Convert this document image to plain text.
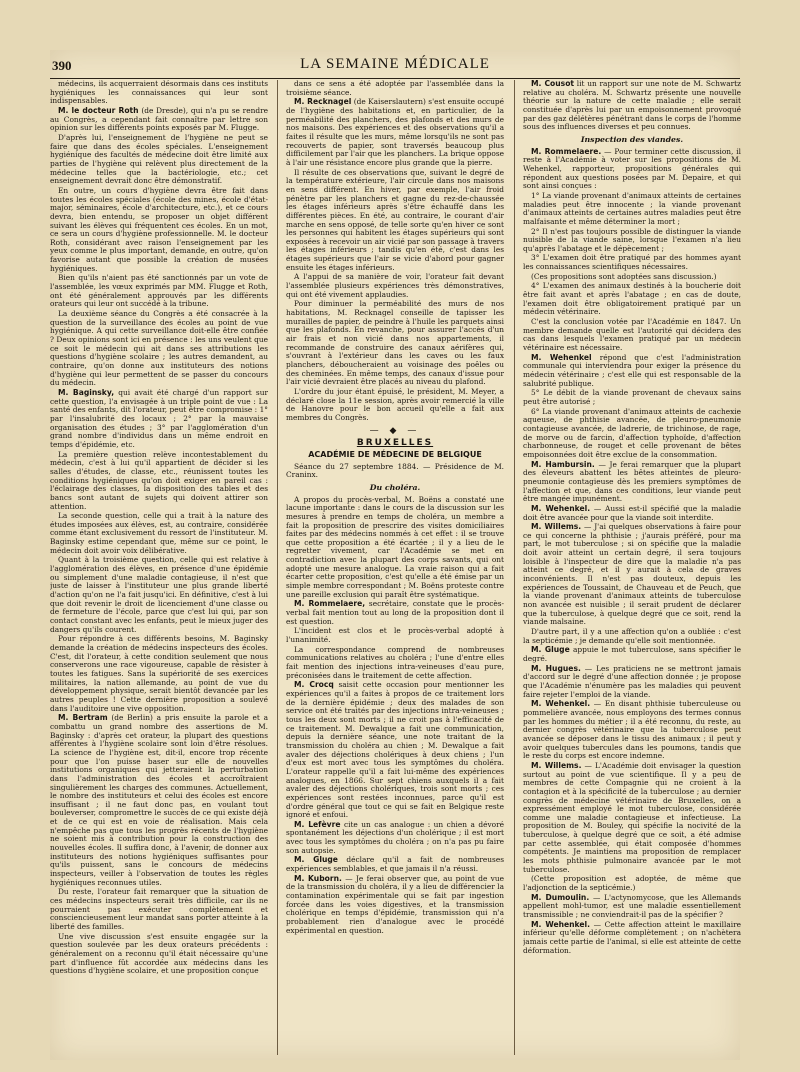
390	LA SEMAINE MÉDICALE

médecins, ils acquerraient désormais dans ces instituts hygiéniques les connaissances qui leur sont indispensables.

M. le docteur Roth (de Dresde), qui n'a pu se rendre au Congrès, a cependant fait connaître par lettre son opinion sur les différents points exposés par M. Flugge.

D'après lui, l'enseignement de l'hygiène ne peut se faire que dans des écoles spéciales. L'enseignement hygiénique des facultés de médecine doit être limité aux parties de l'hygiène qui relèvent plus directement de la médecine telles que la bactériologie, etc.; cet enseignement devrait donc être démonstratif.

En outre, un cours d'hygiène devra être fait dans toutes les écoles spéciales (école des mines, école d'état-major, séminaires, école d'architecture, etc.), et ce cours devra, bien entendu, se proposer un objet différent suivant les élèves qui fréquentent ces écoles. En un mot, ce sera un cours d'hygiène professionnelle. M. le docteur Roth, considérant avec raison l'enseignement par les yeux comme le plus important, demande, en outre, qu'on favorise autant que possible la création de musées hygiéniques.

Bien qu'ils n'aient pas été sanctionnés par un vote de l'assemblée, les vœux exprimés par MM. Flugge et Roth, ont été généralement approuvés par les différents orateurs qui leur ont succédé à la tribune.

La deuxième séance du Congrès a été consacrée à la question de la surveillance des écoles au point de vue hygiénique. A qui cette surveillance doit-elle être confiée ? Deux opinions sont ici en présence : les uns veulent que ce soit le médecin qui ait dans ses attributions les questions d'hygiène scolaire ; les autres demandent, au contraire, qu'on donne aux instituteurs des notions d'hygiène qui leur permettent de se passer du concours du médecin.

M. Baginsky, qui avait été chargé d'un rapport sur cette question, l'a envisagée à un triple point de vue : La santé des enfants, dit l'orateur, peut être compromise : 1° par l'insalubrité des locaux ; 2° par la mauvaise organisation des études ; 3° par l'agglomération d'un grand nombre d'individus dans un même endroit en temps d'épidémie, etc.

La première question relève incontestablement du médecin, c'est à lui qu'il appartient de décider si les salles d'études, de classe, etc., réunissent toutes les conditions hygiéniques qu'on doit exiger en pareil cas : l'éclairage des classes, la disposition des tables et des bancs sont autant de sujets qui doivent attirer son attention.

La seconde question, celle qui a trait à la nature des études imposées aux élèves, est, au contraire, considérée comme étant exclusivement du ressort de l'instituteur. M. Baginsky estime cependant que, même sur ce point, le médecin doit avoir voix délibérative.

Quant à la troisième question, celle qui est relative à l'agglomération des élèves, en présence d'une épidémie ou simplement d'une maladie contagieuse, il n'est que juste de laisser à l'instituteur une plus grande liberté d'action qu'on ne l'a fait jusqu'ici. En définitive, c'est à lui que doit revenir le droit de licenciement d'une classe ou de fermeture de l'école, parce que c'est lui qui, par son contact constant avec les enfants, peut le mieux juger des dangers qu'ils courent.

Pour répondre à ces différents besoins, M. Baginsky demande la création de médecins inspecteurs des écoles. C'est, dit l'orateur, à cette condition seulement que nous conserverons une race vigoureuse, capable de résister à toutes les fatigues. Sans la supériorité de ses exercices militaires, la nation allemande, au point de vue du développement physique, serait bientôt devancée par les autres peuples ! Cette dernière proposition a soulevé dans l'auditoire une vive opposition.

M. Bertram (de Berlin) a pris ensuite la parole et a combattu un grand nombre des assertions de M. Baginsky : d'après cet orateur, la plupart des questions afférentes à l'hygiène scolaire sont loin d'être résolues. La science de l'hygiène est, dit-il, encore trop récente pour que l'on puisse baser sur elle de nouvelles institutions organiques qui jetteraient la perturbation dans l'administration des écoles et accroîtraient singulièrement les charges des communes. Actuellement, le nombre des instituteurs et celui des écoles est encore insuffisant ; il ne faut donc pas, en voulant tout bouleverser, compromettre le succès de ce qui existe déjà et de ce qui est en voie de réalisation. Mais cela n'empêche pas que tous les progrès récents de l'hygiène ne soient mis à contribution pour la construction des nouvelles écoles. Il suffira donc, à l'avenir, de donner aux instituteurs des notions hygiéniques suffisantes pour qu'ils puissent, sans le concours de médecins inspecteurs, veiller à l'observation de toutes les règles hygiéniques reconnues utiles.

Du reste, l'orateur fait remarquer que la situation de ces médecins inspecteurs serait très difficile, car ils ne pourraient pas exécuter complètement et consciencieusement leur mandat sans porter atteinte à la liberté des familles.

Une vive discussion s'est ensuite engagée sur la question soulevée par les deux orateurs précédents : généralement on a reconnu qu'il était nécessaire qu'une part d'influence fût accordée aux médecins dans les questions d'hygiène scolaire, et une proposition conçue

dans ce sens a été adoptée par l'assemblée dans la troisième séance.

M. Recknagel (de Kaiserslautern) s'est ensuite occupé de l'hygiène des habitations et, en particulier, de la perméabilité des planchers, des plafonds et des murs de nos maisons. Des expériences et des observations qu'il a faites il résulte que les murs, même lorsqu'ils ne sont pas recouverts de papier, sont traversés beaucoup plus difficilement par l'air que les planchers. La brique oppose à l'air une résistance encore plus grande que la pierre.

Il résulte de ces observations que, suivant le degré de la température extérieure, l'air circule dans nos maisons en sens différent. En hiver, par exemple, l'air froid pénètre par les planchers et gagne du rez-de-chaussée les étages inférieurs après s'être échauffé dans les différentes pièces. En été, au contraire, le courant d'air marche en sens opposé, de telle sorte qu'en hiver ce sont les personnes qui habitent les étages supérieurs qui sont exposées à recevoir un air vicié par son passage à travers les étages inférieurs ; tandis qu'en été, c'est dans les étages supérieurs que l'air se vicie d'abord pour gagner ensuite les étages inférieurs.

A l'appui de sa manière de voir, l'orateur fait devant l'assemblée plusieurs expériences très démonstratives, qui ont été vivement applaudies.

Pour diminuer la perméabilité des murs de nos habitations, M. Recknagel conseille de tapisser les murailles de papier, de peindre à l'huile les parquets ainsi que les plafonds. En revanche, pour assurer l'accès d'un air frais et non vicié dans nos appartements, il recommande de construire des canaux aérifères qui, s'ouvrant à l'extérieur dans les caves ou les faux planchers, déboucheraient au voisinage des poêles ou des cheminées. En même temps, des canaux d'issue pour l'air vicié devraient être placés au niveau du plafond.

L'ordre du jour étant épuisé, le président, M. Meyer, a déclaré close la 11e session, après avoir remercié la ville de Hanovre pour le bon accueil qu'elle a fait aux membres du Congrès.

— ◆ —
BRUXELLES
ACADÉMIE DE MÉDECINE DE BELGIQUE

Séance du 27 septembre 1884. — Présidence de M. Craninx.

Du choléra.

A propos du procès-verbal, M. Boëns a constaté une lacune importante : dans le cours de la discussion sur les mesures à prendre en temps de choléra, un membre a fait la proposition de prescrire des visites domiciliaires faites par des médecins nommés à cet effet : il se trouve que cette proposition a été écartée ; il y a lieu de le regretter vivement, car l'Académie se met en contradiction avec la plupart des corps savants, qui ont adopté une mesure analogue. La vraie raison qui a fait écarter cette proposition, c'est qu'elle a été émise par un simple membre correspondant ; M. Boëns proteste contre une pareille exclusion qui paraît être systématique.

M. Rommelaere, secrétaire, constate que le procès-verbal fait mention tout au long de la proposition dont il est question.

L'incident est clos et le procès-verbal adopté à l'unanimité.

La correspondance comprend de nombreuses communications relatives au choléra ; l'une d'entre elles fait mention des injections intra-veineuses d'eau pure, préconisées dans le traitement de cette affection.

M. Crocq saisit cette occasion pour mentionner les expériences qu'il a faites à propos de ce traitement lors de la dernière épidémie ; deux des malades de son service ont été traités par des injections intra-veineuses ; tous les deux sont morts ; il ne croit pas à l'efficacité de ce traitement. M. Dewalque a fait une communication, depuis la dernière séance, une note traitant de la transmission du choléra au chien ; M. Dewalque a fait avaler des déjections cholériques à deux chiens ; l'un d'eux est mort avec tous les symptômes du choléra. L'orateur rappelle qu'il a fait lui-même des expériences analogues, en 1866. Sur sept chiens auxquels il a fait avaler des déjections cholériques, trois sont morts ; ces expériences sont restées inconnues, parce qu'il est d'ordre général que tout ce qui se fait en Belgique reste ignoré et enfoui.

M. Lefèvre cite un cas analogue : un chien a dévoré spontanément les déjections d'un cholérique ; il est mort avec tous les symptômes du choléra ; on n'a pas pu faire son autopsie.

M. Gluge déclare qu'il a fait de nombreuses expériences semblables, et que jamais il n'a réussi.

M. Kuborn. — Je ferai observer que, au point de vue de la transmission du choléra, il y a lieu de différencier la contamination expérimentale qui se fait par ingestion forcée dans les voies digestives, et la transmission cholérique en temps d'épidémie, transmission qui n'a probablement rien d'analogue avec le procédé expérimental en question.

M. Cousot lit un rapport sur une note de M. Schwartz relative au choléra. M. Schwartz présente une nouvelle théorie sur la nature de cette maladie ; elle serait constituée d'après lui par un empoisonnement provoqué par des gaz délétères pénétrant dans le corps de l'homme sous des influences diverses et peu connues.

Inspection des viandes.

M. Rommelaere. — Pour terminer cette discussion, il reste à l'Académie à voter sur les propositions de M. Wehenkel, rapporteur, propositions générales qui répondent aux questions posées par M. Depaire, et qui sont ainsi conçues :

1° La viande provenant d'animaux atteints de certaines maladies peut être innocente ; la viande provenant d'animaux atteints de certaines autres maladies peut être malfaisante et même déterminer la mort ;

2° Il n'est pas toujours possible de distinguer la viande nuisible de la viande saine, lorsque l'examen n'a lieu qu'après l'abatage et le dépècement ;

3° L'examen doit être pratiqué par des hommes ayant les connaissances scientifiques nécessaires.

(Ces propositions sont adoptées sans discussion.)

4° L'examen des animaux destinés à la boucherie doit être fait avant et après l'abatage ; en cas de doute, l'examen doit être obligatoirement pratiqué par un médecin vétérinaire.

C'est la conclusion votée par l'Académie en 1847. Un membre demande quelle est l'autorité qui décidera des cas dans lesquels l'examen pratiqué par un médecin vétérinaire est nécessaire.

M. Wehenkel répond que c'est l'administration communale qui interviendra pour exiger la présence du médecin vétérinaire ; c'est elle qui est responsable de la salubrité publique.

5° Le débit de la viande provenant de chevaux sains peut être autorisé ;

6° La viande provenant d'animaux atteints de cachexie aqueuse, de phthisie avancée, de pleuro-pneumonie contagieuse avancée, de ladrerie, de trichinose, de rage, de morve ou de farcin, d'affection typhoïde, d'affection charbonneuse, de rouget et celle provenant de bêtes empoisonnées doit être exclue de la consommation.

M. Hambursin. — Je ferai remarquer que la plupart des éleveurs abattent les bêtes atteintes de pleuro-pneumonie contagieuse dès les premiers symptômes de l'affection et que, dans ces conditions, leur viande peut être mangée impunément.

M. Wehenkel. — Aussi est-il spécifié que la maladie doit être avancée pour que la viande soit interdite.

M. Willems. — J'ai quelques observations à faire pour ce qui concerne la phthisie ; j'aurais préféré, pour ma part, le mot tuberculose ; si on spécifie que la maladie doit avoir atteint un certain degré, il sera toujours loisible à l'inspecteur de dire que la maladie n'a pas atteint ce degré, et il y aurait à cela de graves inconvénients. Il n'est pas douteux, depuis les expériences de Toussaint, de Chauveau et de Peuch, que la viande provenant d'animaux atteints de tuberculose non avancée est nuisible ; il serait prudent de déclarer que la tuberculose, à quelque degré que ce soit, rend la viande malsaine.

D'autre part, il y a une affection qu'on a oubliée : c'est la septicémie ; je demande qu'elle soit mentionnée.

M. Gluge appuie le mot tuberculose, sans spécifier le degré.

M. Hugues. — Les praticiens ne se mettront jamais d'accord sur le degré d'une affection donnée ; je propose que l'Académie n'énumère pas les maladies qui peuvent faire rejeter l'emploi de la viande.

M. Wehenkel. — En disant phthisie tuberculeuse ou pommelière avancée, nous employons des termes connus par les hommes du métier ; il a été reconnu, du reste, au dernier congrès vétérinaire que la tuberculose peut avancée se déposer dans le tissu des animaux ; il peut y avoir quelques tubercules dans les poumons, tandis que le reste du corps est encore indemne.

M. Willems. — L'Académie doit envisager la question surtout au point de vue scientifique. Il y a peu de membres de cette Compagnie qui ne croient à la contagion et à la spécificité de la tuberculose ; au dernier congrès de médecine vétérinaire de Bruxelles, on a expressément employé le mot tuberculose, considérée comme une maladie contagieuse et infectieuse. La proposition de M. Bouley, qui spécifie la nocivité de la tuberculose, à quelque degré que ce soit, a été admise par cette assemblée, qui était composée d'hommes compétents. Je maintiens ma proposition de remplacer les mots phthisie pulmonaire avancée par le mot tuberculose.

(Cette proposition est adoptée, de même que l'adjonction de la septicémie.)

M. Dumoulin. — L'actynomycose, que les Allemands appellent mohl-tumor, est une maladie essentiellement transmissible ; ne conviendrait-il pas de la spécifier ?

M. Wehenkel. — Cette affection atteint le maxillaire inférieur qu'elle déforme complètement ; on n'achètera jamais cette partie de l'animal, si elle est atteinte de cette déformation.
